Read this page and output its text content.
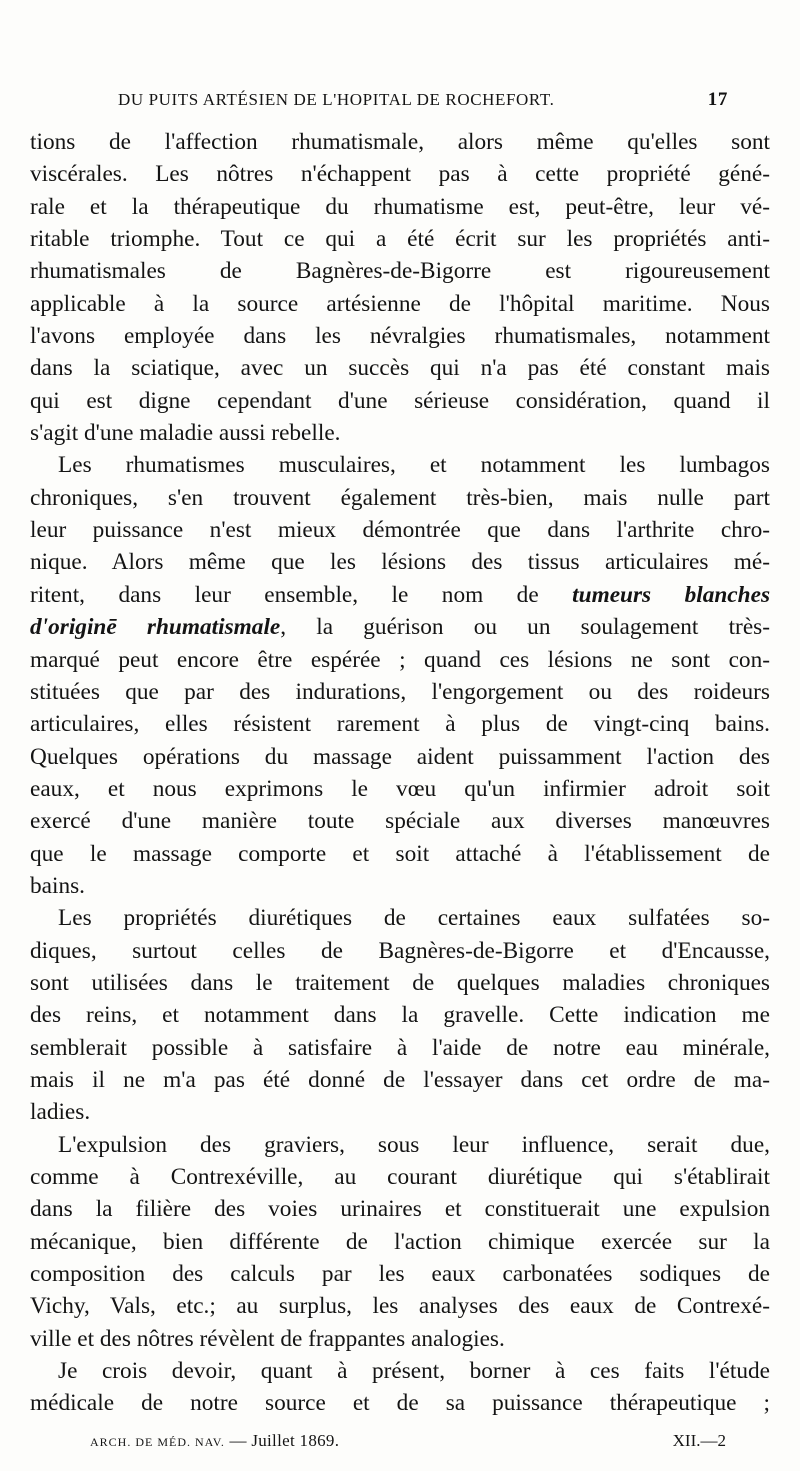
DU PUITS ARTÉSIEN DE L'HOPITAL DE ROCHEFORT.	17
tions de l'affection rhumatismale, alors même qu'elles sont
viscérales. Les nôtres n'échappent pas à cette propriété géné-
rale et la thérapeutique du rhumatisme est, peut-être, leur vé-
ritable triomphe. Tout ce qui a été écrit sur les propriétés anti-
rhumatismales de Bagnères-de-Bigorre est rigoureusement
applicable à la source artésienne de l'hôpital maritime. Nous
l'avons employée dans les névralgies rhumatismales, notamment
dans la sciatique, avec un succès qui n'a pas été constant mais
qui est digne cependant d'une sérieuse considération, quand il
s'agit d'une maladie aussi rebelle.
Les rhumatismes musculaires, et notamment les lumbagos
chroniques, s'en trouvent également très-bien, mais nulle part
leur puissance n'est mieux démontrée que dans l'arthrite chro-
nique. Alors même que les lésions des tissus articulaires mé-
ritent, dans leur ensemble, le nom de tumeurs blanches
d'originē rhumatismale, la guérison ou un soulagement très-
marqué peut encore être espérée ; quand ces lésions ne sont con-
stituées que par des indurations, l'engorgement ou des roideurs
articulaires, elles résistent rarement à plus de vingt-cinq bains.
Quelques opérations du massage aident puissamment l'action des
eaux, et nous exprimons le vœu qu'un infirmier adroit soit
exercé d'une manière toute spéciale aux diverses manœuvres
que le massage comporte et soit attaché à l'établissement de
bains.
Les propriétés diurétiques de certaines eaux sulfatées so-
diques, surtout celles de Bagnères-de-Bigorre et d'Encausse,
sont utilisées dans le traitement de quelques maladies chroniques
des reins, et notamment dans la gravelle. Cette indication me
semblerait possible à satisfaire à l'aide de notre eau minérale,
mais il ne m'a pas été donné de l'essayer dans cet ordre de ma-
ladies.
L'expulsion des graviers, sous leur influence, serait due,
comme à Contrexéville, au courant diurétique qui s'établirait
dans la filière des voies urinaires et constituerait une expulsion
mécanique, bien différente de l'action chimique exercée sur la
composition des calculs par les eaux carbonatées sodiques de
Vichy, Vals, etc.; au surplus, les analyses des eaux de Contrexé-
ville et des nôtres révèlent de frappantes analogies.
Je crois devoir, quant à présent, borner à ces faits l'étude
médicale de notre source et de sa puissance thérapeutique ;
ARCH. DE MÉD. NAV. — Juillet 1869.	XII.—2
